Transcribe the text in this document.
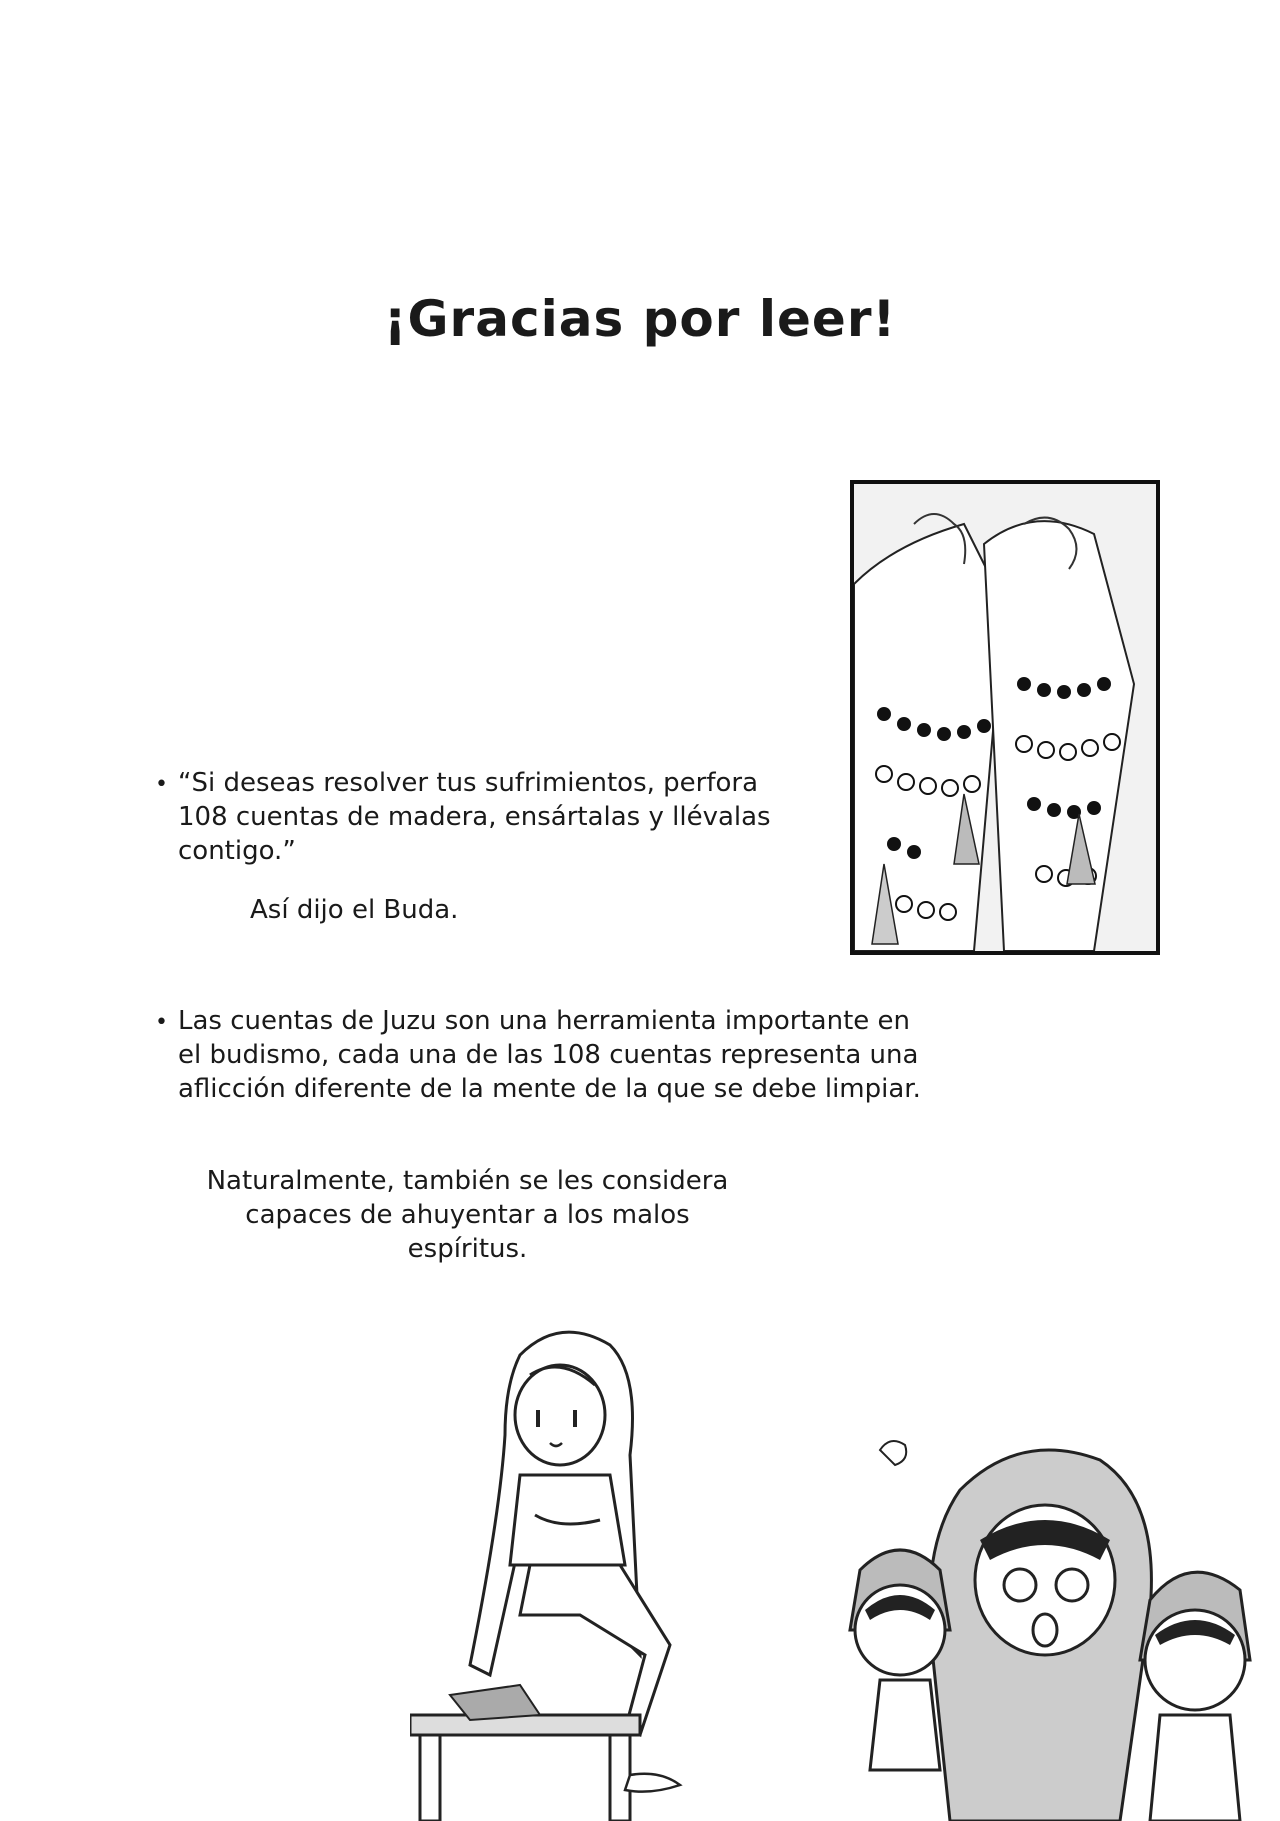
¡Gracias por leer!
• “Si deseas resolver tus sufrimientos, perfora
108 cuentas de madera, ensártalas y llévalas
contigo.”
Así dijo el Buda.
• Las cuentas de Juzu son una herramienta importante en
el budismo, cada una de las 108 cuentas representa una
aflicción diferente de la mente de la que se debe limpiar.
Naturalmente, también se les considera
capaces de ahuyentar a los malos
espíritus.
